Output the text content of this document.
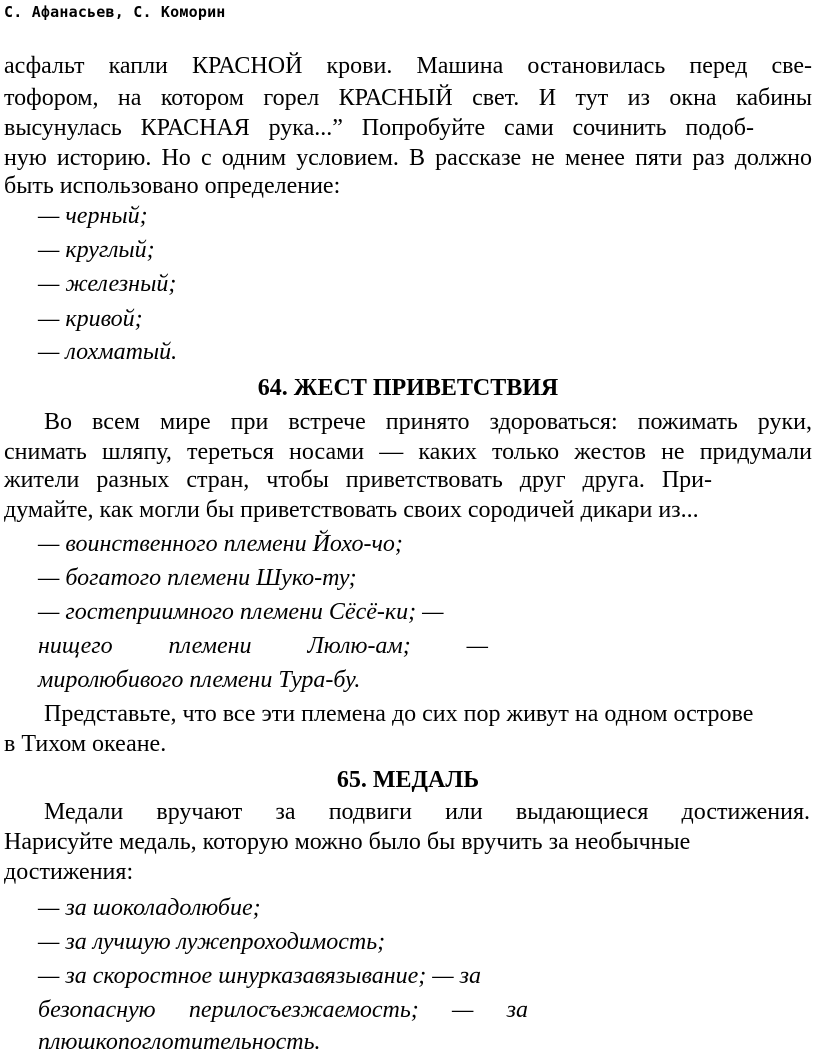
С. Афанасьев, С. Коморин
асфальт капли КРАСНОЙ крови. Машина остановилась перед све-
тофором, на котором горел КРАСНЫЙ свет. И тут из окна кабины
высунулась КРАСНАЯ рука...” Попробуйте сами сочинить подоб-
ную историю. Но с одним условием. В рассказе не менее пяти раз должно
быть использовано определение:
— черный;
— круглый;
— железный;
— кривой;
— лохматый.
64. ЖЕСТ ПРИВЕТСТВИЯ
Во всем мире при встрече принято здороваться: пожимать руки,
снимать шляпу, тереться носами — каких только жестов не придумали
жители разных стран, чтобы приветствовать друг друга. При-
думайте, как могли бы приветствовать своих сородичей дикари из...
— воинственного племени Йохо-чо;
— богатого племени Шуко-ту;
— гостеприимного племени Сёсё-ки; —
нищего племени Люлю-ам; —
миролюбивого племени Тура-бу.
Представьте, что все эти племена до сих пор живут на одном острове
в Тихом океане.
65. МЕДАЛЬ
Медали вручают за подвиги или выдающиеся достижения.
Нарисуйте медаль, которую можно было бы вручить за необычные
достижения:
— за шоколадолюбие;
— за лучшую лужепроходимость;
— за скоростное шнурказавязывание; — за
безопасную перилосъезжаемость; — за
плюшкопоглотительность.
